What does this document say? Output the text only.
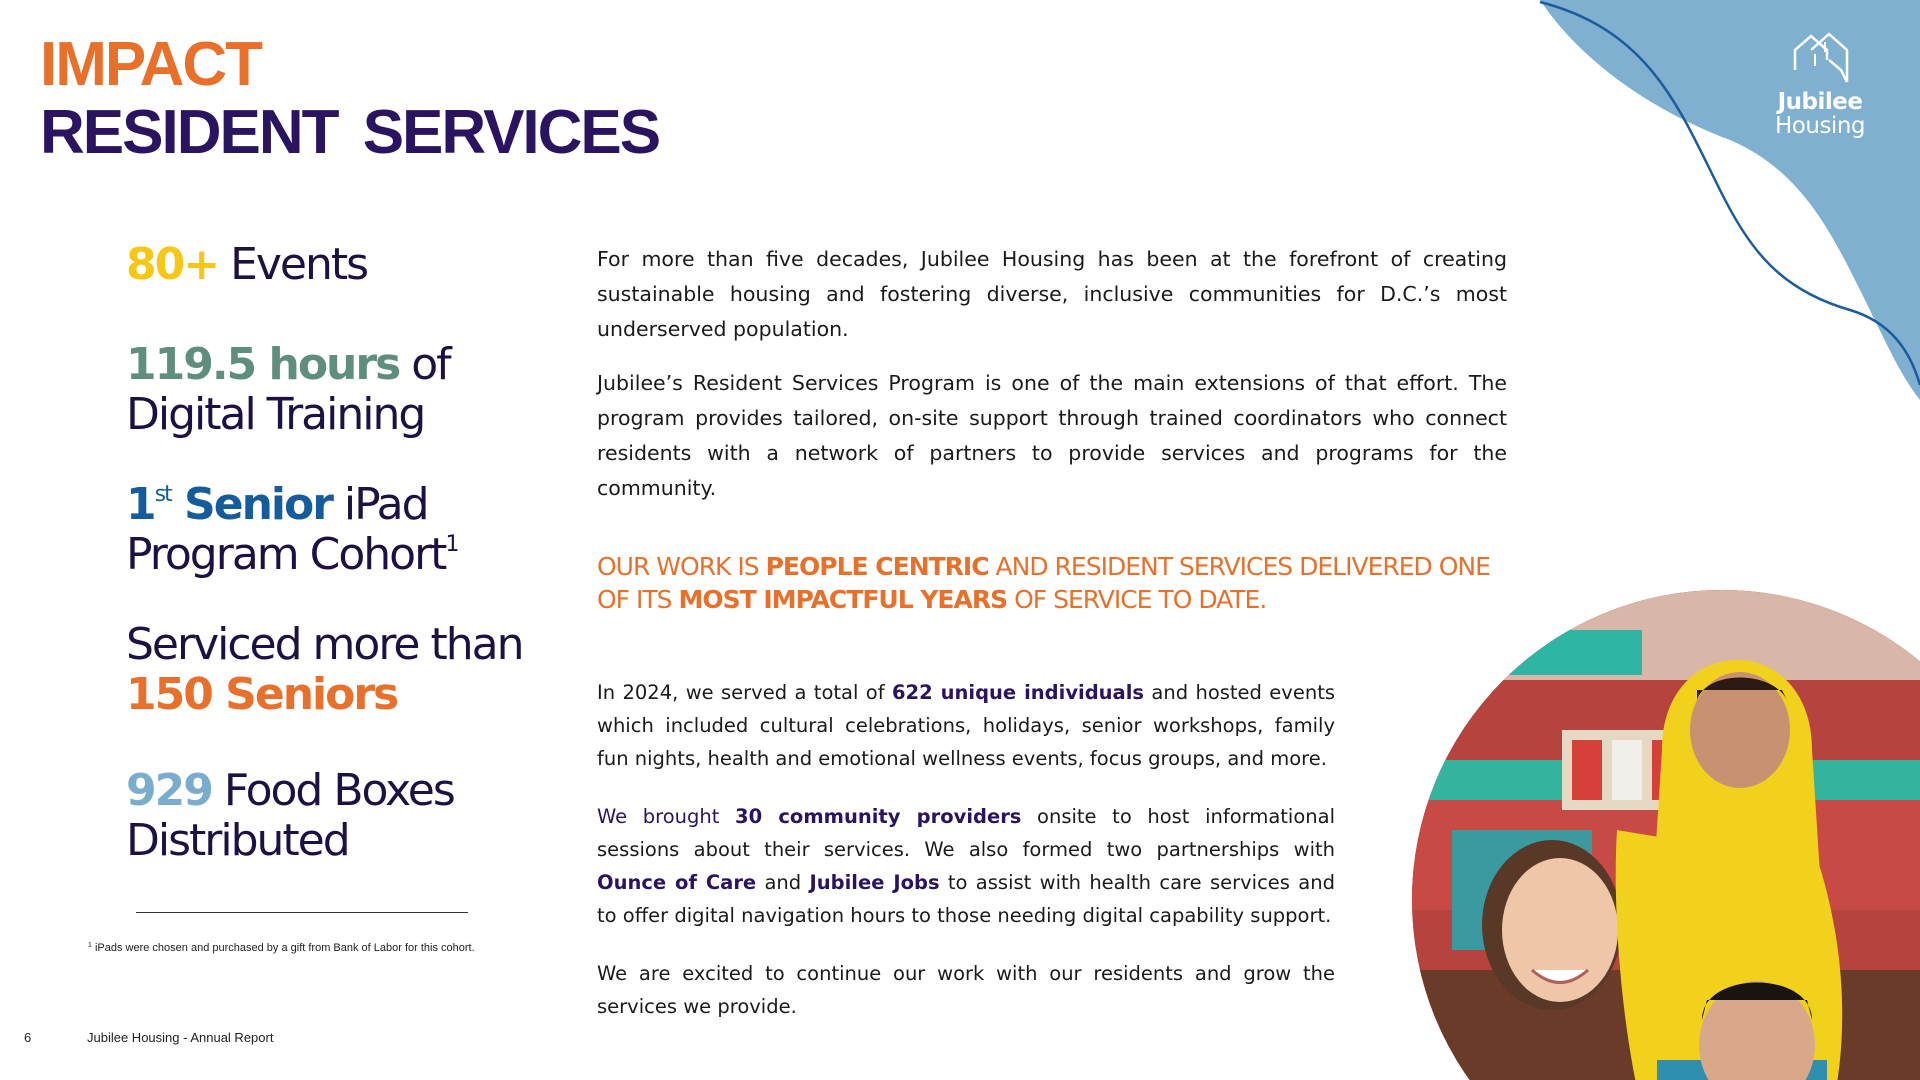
Jubilee
Housing
IMPACT
RESIDENT SERVICES
80+ Events
119.5 hours of
Digital Training
1st Senior iPad
Program Cohort$^1$
Serviced more than
150 Seniors
929 Food Boxes
Distributed
$^1$ iPads were chosen and purchased by a gift from Bank of Labor for this cohort.
6	Jubilee Housing - Annual Report

For more than five decades, Jubilee Housing has been at the forefront of creating sustainable housing and fostering diverse, inclusive communities for D.C.’s most underserved population.

Jubilee’s Resident Services Program is one of the main extensions of that effort. The program provides tailored, on-site support through trained coordinators who connect residents with a network of partners to provide services and programs for the community.

OUR WORK IS PEOPLE CENTRIC AND RESIDENT SERVICES DELIVERED ONE OF ITS MOST IMPACTFUL YEARS OF SERVICE TO DATE.

In 2024, we served a total of 622 unique individuals and hosted events which included cultural celebrations, holidays, senior workshops, family fun nights, health and emotional wellness events, focus groups, and more.

We brought 30 community providers onsite to host informational sessions about their services. We also formed two partnerships with Ounce of Care and Jubilee Jobs to assist with health care services and to offer digital navigation hours to those needing digital capability support.

We are excited to continue our work with our residents and grow the services we provide.
